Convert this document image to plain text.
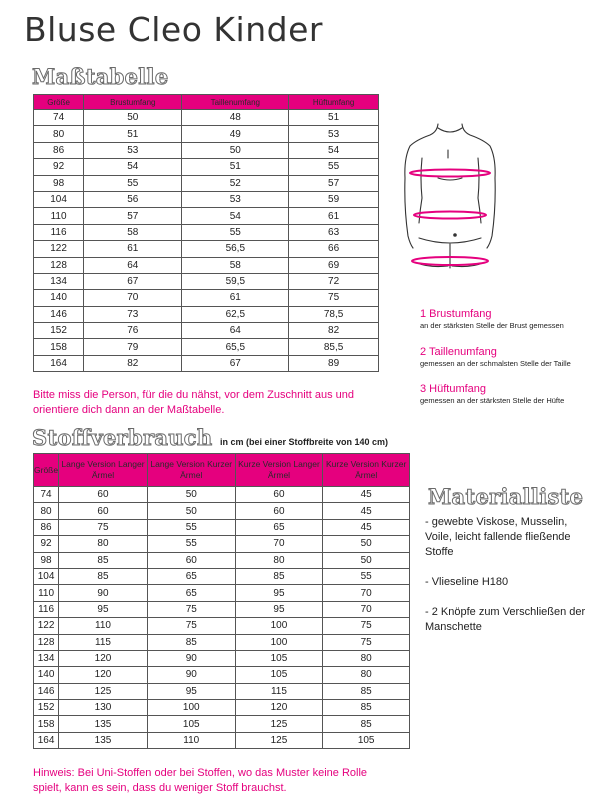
Bluse Cleo Kinder
Maßtabelle
Größe	Brustumfang	Taillenumfang	Hüftumfang
74	50	48	51
80	51	49	53
86	53	50	54
92	54	51	55
98	55	52	57
104	56	53	59
110	57	54	61
116	58	55	63
122	61	56,5	66
128	64	58	69
134	67	59,5	72
140	70	61	75
146	73	62,5	78,5
152	76	64	82
158	79	65,5	85,5
164	82	67	89
Bitte miss die Person, für die du nähst, vor dem Zuschnitt aus und orientiere dich dann an der Maßtabelle.
1 Brustumfang
an der stärksten Stelle der Brust gemessen
2 Taillenumfang
gemessen an der schmalsten Stelle der Taille
3 Hüftumfang
gemessen an der stärksten Stelle der Hüfte
Stoffverbrauch in cm (bei einer Stoffbreite von 140 cm)
Größe	Lange Version Langer Ärmel	Lange Version Kurzer Ärmel	Kurze Version Langer Ärmel	Kurze Version Kurzer Ärmel
74	60	50	60	45
80	60	50	60	45
86	75	55	65	45
92	80	55	70	50
98	85	60	80	50
104	85	65	85	55
110	90	65	95	70
116	95	75	95	70
122	110	75	100	75
128	115	85	100	75
134	120	90	105	80
140	120	90	105	80
146	125	95	115	85
152	130	100	120	85
158	135	105	125	85
164	135	110	125	105
Hinweis: Bei Uni-Stoffen oder bei Stoffen, wo das Muster keine Rolle spielt, kann es sein, dass du weniger Stoff brauchst.
Materialliste
- gewebte Viskose, Musselin, Voile, leicht fallende fließende Stoffe
- Vlieseline H180
- 2 Knöpfe zum Verschließen der Manschette
